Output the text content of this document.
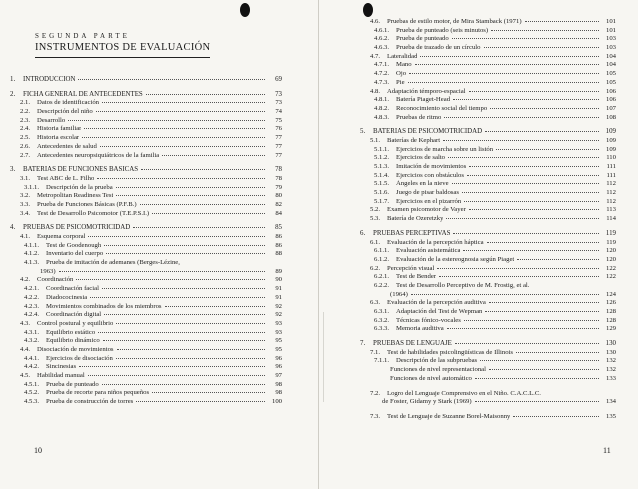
SEGUNDA PARTE
INSTRUMENTOS DE EVALUACIÓN
1.	INTRODUCCIÓN	69
2.	FICHA GENERAL DE ANTECEDENTES	73
2.1.	Datos de identificación	73
2.2.	Descripción del niño	74
2.3.	Desarrollo	75
2.4.	Historia familiar	76
2.5.	Historia escolar	77
2.6.	Antecedentes de salud	77
2.7.	Antecedentes neuropsiquiátricos de la familia	77
3.	BATERÍAS DE FUNCIONES BÁSICAS	78
3.1.	Test ABC de L. Filho	78
3.1.1.	Descripción de la prueba	79
3.2.	Metropolitan Readiness Test	80
3.3.	Prueba de Funciones Básicas (P.F.B.)	82
3.4.	Test de Desarrollo Psicomotor (T.E.P.S.I.)	84
4.	PRUEBAS DE PSICOMOTRICIDAD	85
4.1.	Esquema corporal	86
4.1.1.	Test de Goodenough	86
4.1.2.	Inventario del cuerpo	88
4.1.3.	Prueba de imitación de ademanes (Berges-Lézine,
1963)	89
4.2.	Coordinación	90
4.2.1.	Coordinación facial	91
4.2.2.	Diadococinesia	91
4.2.3.	Movimientos combinados de los miembros	92
4.2.4.	Coordinación digital	92
4.3.	Control postural y equilibrio	93
4.3.1.	Equilibrio estático	93
4.3.2.	Equilibrio dinámico	95
4.4.	Disociación de movimientos	95
4.4.1.	Ejercicios de disociación	96
4.4.2.	Sincinesias	96
4.5.	Habilidad manual	97
4.5.1.	Prueba de punteado	98
4.5.2.	Prueba de recorte para niños pequeños	98
4.5.3.	Prueba de construcción de torres	100
10
4.6.	Pruebas de estilo motor, de Mira Stamback (1971)	101
4.6.1.	Prueba de punteado (seis minutos)	101
4.6.2.	Prueba de punteado	103
4.6.3.	Prueba de trazado de un círculo	103
4.7.	Lateralidad	104
4.7.1.	Mano	104
4.7.2.	Ojo	105
4.7.3.	Pie	105
4.8.	Adaptación témporo-espacial	106
4.8.1.	Batería Piaget-Head	106
4.8.2.	Reconocimiento social del tiempo	107
4.8.3.	Pruebas de ritmo	108
5.	BATERÍAS DE PSICOMOTRICIDAD	109
5.1.	Baterías de Kephart	109
5.1.1.	Ejercicios de marcha sobre un listón	109
5.1.2.	Ejercicios de salto	110
5.1.3.	Imitación de movimientos	111
5.1.4.	Ejercicios con obstáculos	111
5.1.5.	Ángeles en la nieve	112
5.1.6.	Juego de pisar baldosas	112
5.1.7.	Ejercicios en el pizarrón	112
5.2.	Examen psicomotor de Vayer	113
5.3.	Batería de Ozeretzky	114
6.	PRUEBAS PERCEPTIVAS	119
6.1.	Evaluación de la percepción háptica	119
6.1.1.	Evaluación asistemática	120
6.1.2.	Evaluación de la estereognosia según Piaget	120
6.2.	Percepción visual	122
6.2.1.	Test de Bender	122
6.2.2.	Test de Desarrollo Perceptivo de M. Frostig, et al.
(1964)	124
6.3.	Evaluación de la percepción auditiva	126
6.3.1.	Adaptación del Test de Wepman	128
6.3.2.	Técnicas fónico-vocales	128
6.3.3.	Memoria auditiva	129
7.	PRUEBAS DE LENGUAJE	130
7.1.	Test de habilidades psicolingüísticas de Illinois	130
7.1.1.	Descripción de las subpruebas	132
Funciones de nivel representacional	132
Funciones de nivel automático	133
7.2.	Logro del Lenguaje Comprensivo en el Niño. C.A.C.L.C.
de Foster, Gidamy y Stark (1969)	134
7.3.	Test de Lenguaje de Suzanne Borel-Maisonny	135
11
